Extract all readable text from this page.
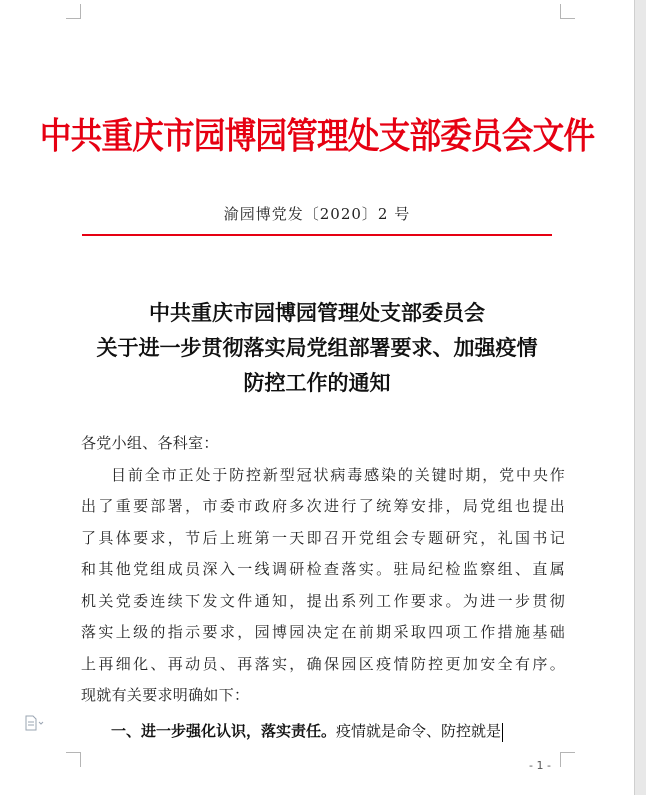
中共重庆市园博园管理处支部委员会文件
渝园博党发〔2020〕2 号
中共重庆市园博园管理处支部委员会
关于进一步贯彻落实局党组部署要求、加强疫情
防控工作的通知

各党小组、各科室：

目前全市正处于防控新型冠状病毒感染的关键时期，党中央作

出了重要部署，市委市政府多次进行了统筹安排，局党组也提出

了具体要求，节后上班第一天即召开党组会专题研究，礼国书记

和其他党组成员深入一线调研检查落实。驻局纪检监察组、直属

机关党委连续下发文件通知，提出系列工作要求。为进一步贯彻

落实上级的指示要求，园博园决定在前期采取四项工作措施基础

上再细化、再动员、再落实，确保园区疫情防控更加安全有序。

现就有关要求明确如下：

一、进一步强化认识，落实责任。疫情就是命令、防控就是
- 1 -
